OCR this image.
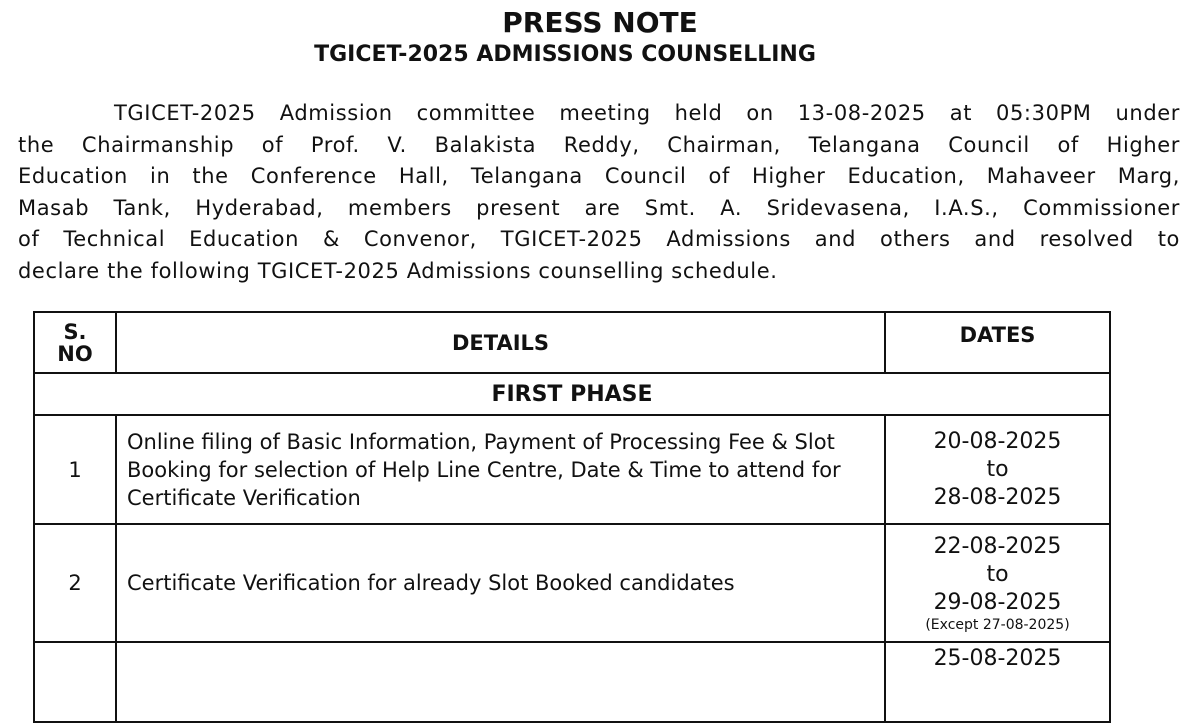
PRESS NOTE
TGICET-2025 ADMISSIONS COUNSELLING
TGICET-2025 Admission committee meeting held on 13-08-2025 at 05:30PM under
the Chairmanship of Prof. V. Balakista Reddy, Chairman, Telangana Council of Higher
Education in the Conference Hall, Telangana Council of Higher Education, Mahaveer Marg,
Masab Tank, Hyderabad, members present are Smt. A. Sridevasena, I.A.S., Commissioner
of Technical Education & Convenor, TGICET-2025 Admissions and others and resolved to
declare the following TGICET-2025 Admissions counselling schedule.
S.
NO	DETAILS	DATES
FIRST PHASE		
1	Online filing of Basic Information, Payment of Processing Fee & Slot Booking for selection of Help Line Centre, Date & Time to attend for Certificate Verification	20-08-2025
to
28-08-2025

2	Certificate Verification for already Slot Booked candidates	22-08-2025
to
29-08-2025
(Except 27-08-2025)

		25-08-2025
